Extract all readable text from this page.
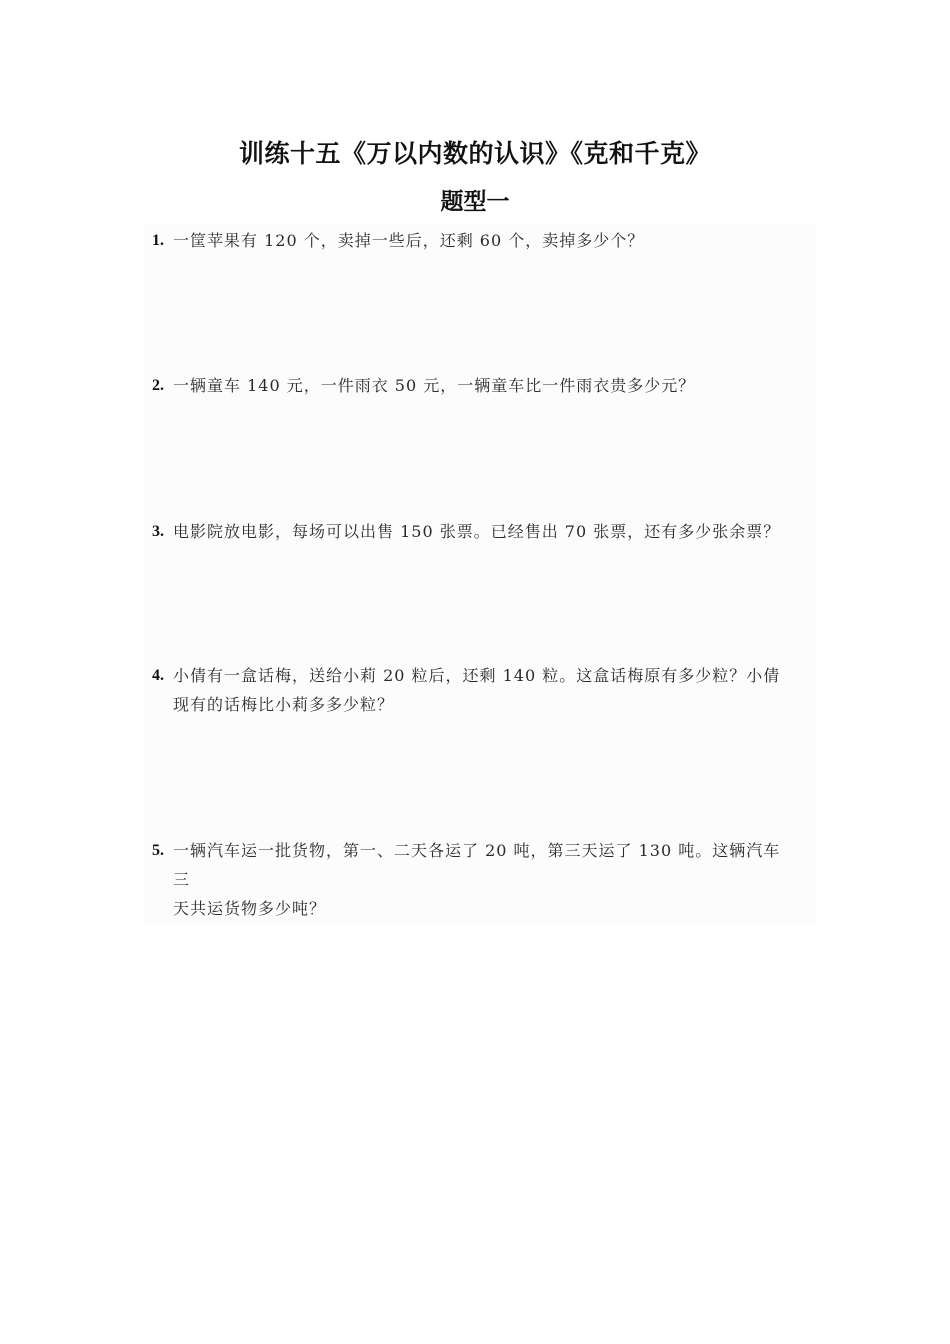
训练十五《万以内数的认识》《克和千克》
题型一
1. 一筐苹果有 120 个，卖掉一些后，还剩 60 个，卖掉多少个？
2. 一辆童车 140 元，一件雨衣 50 元，一辆童车比一件雨衣贵多少元？
3. 电影院放电影，每场可以出售 150 张票。已经售出 70 张票，还有多少张余票？
4. 小倩有一盒话梅，送给小莉 20 粒后，还剩 140 粒。这盒话梅原有多少粒？小倩
现有的话梅比小莉多多少粒？
5. 一辆汽车运一批货物，第一、二天各运了 20 吨，第三天运了 130 吨。这辆汽车三
天共运货物多少吨？
